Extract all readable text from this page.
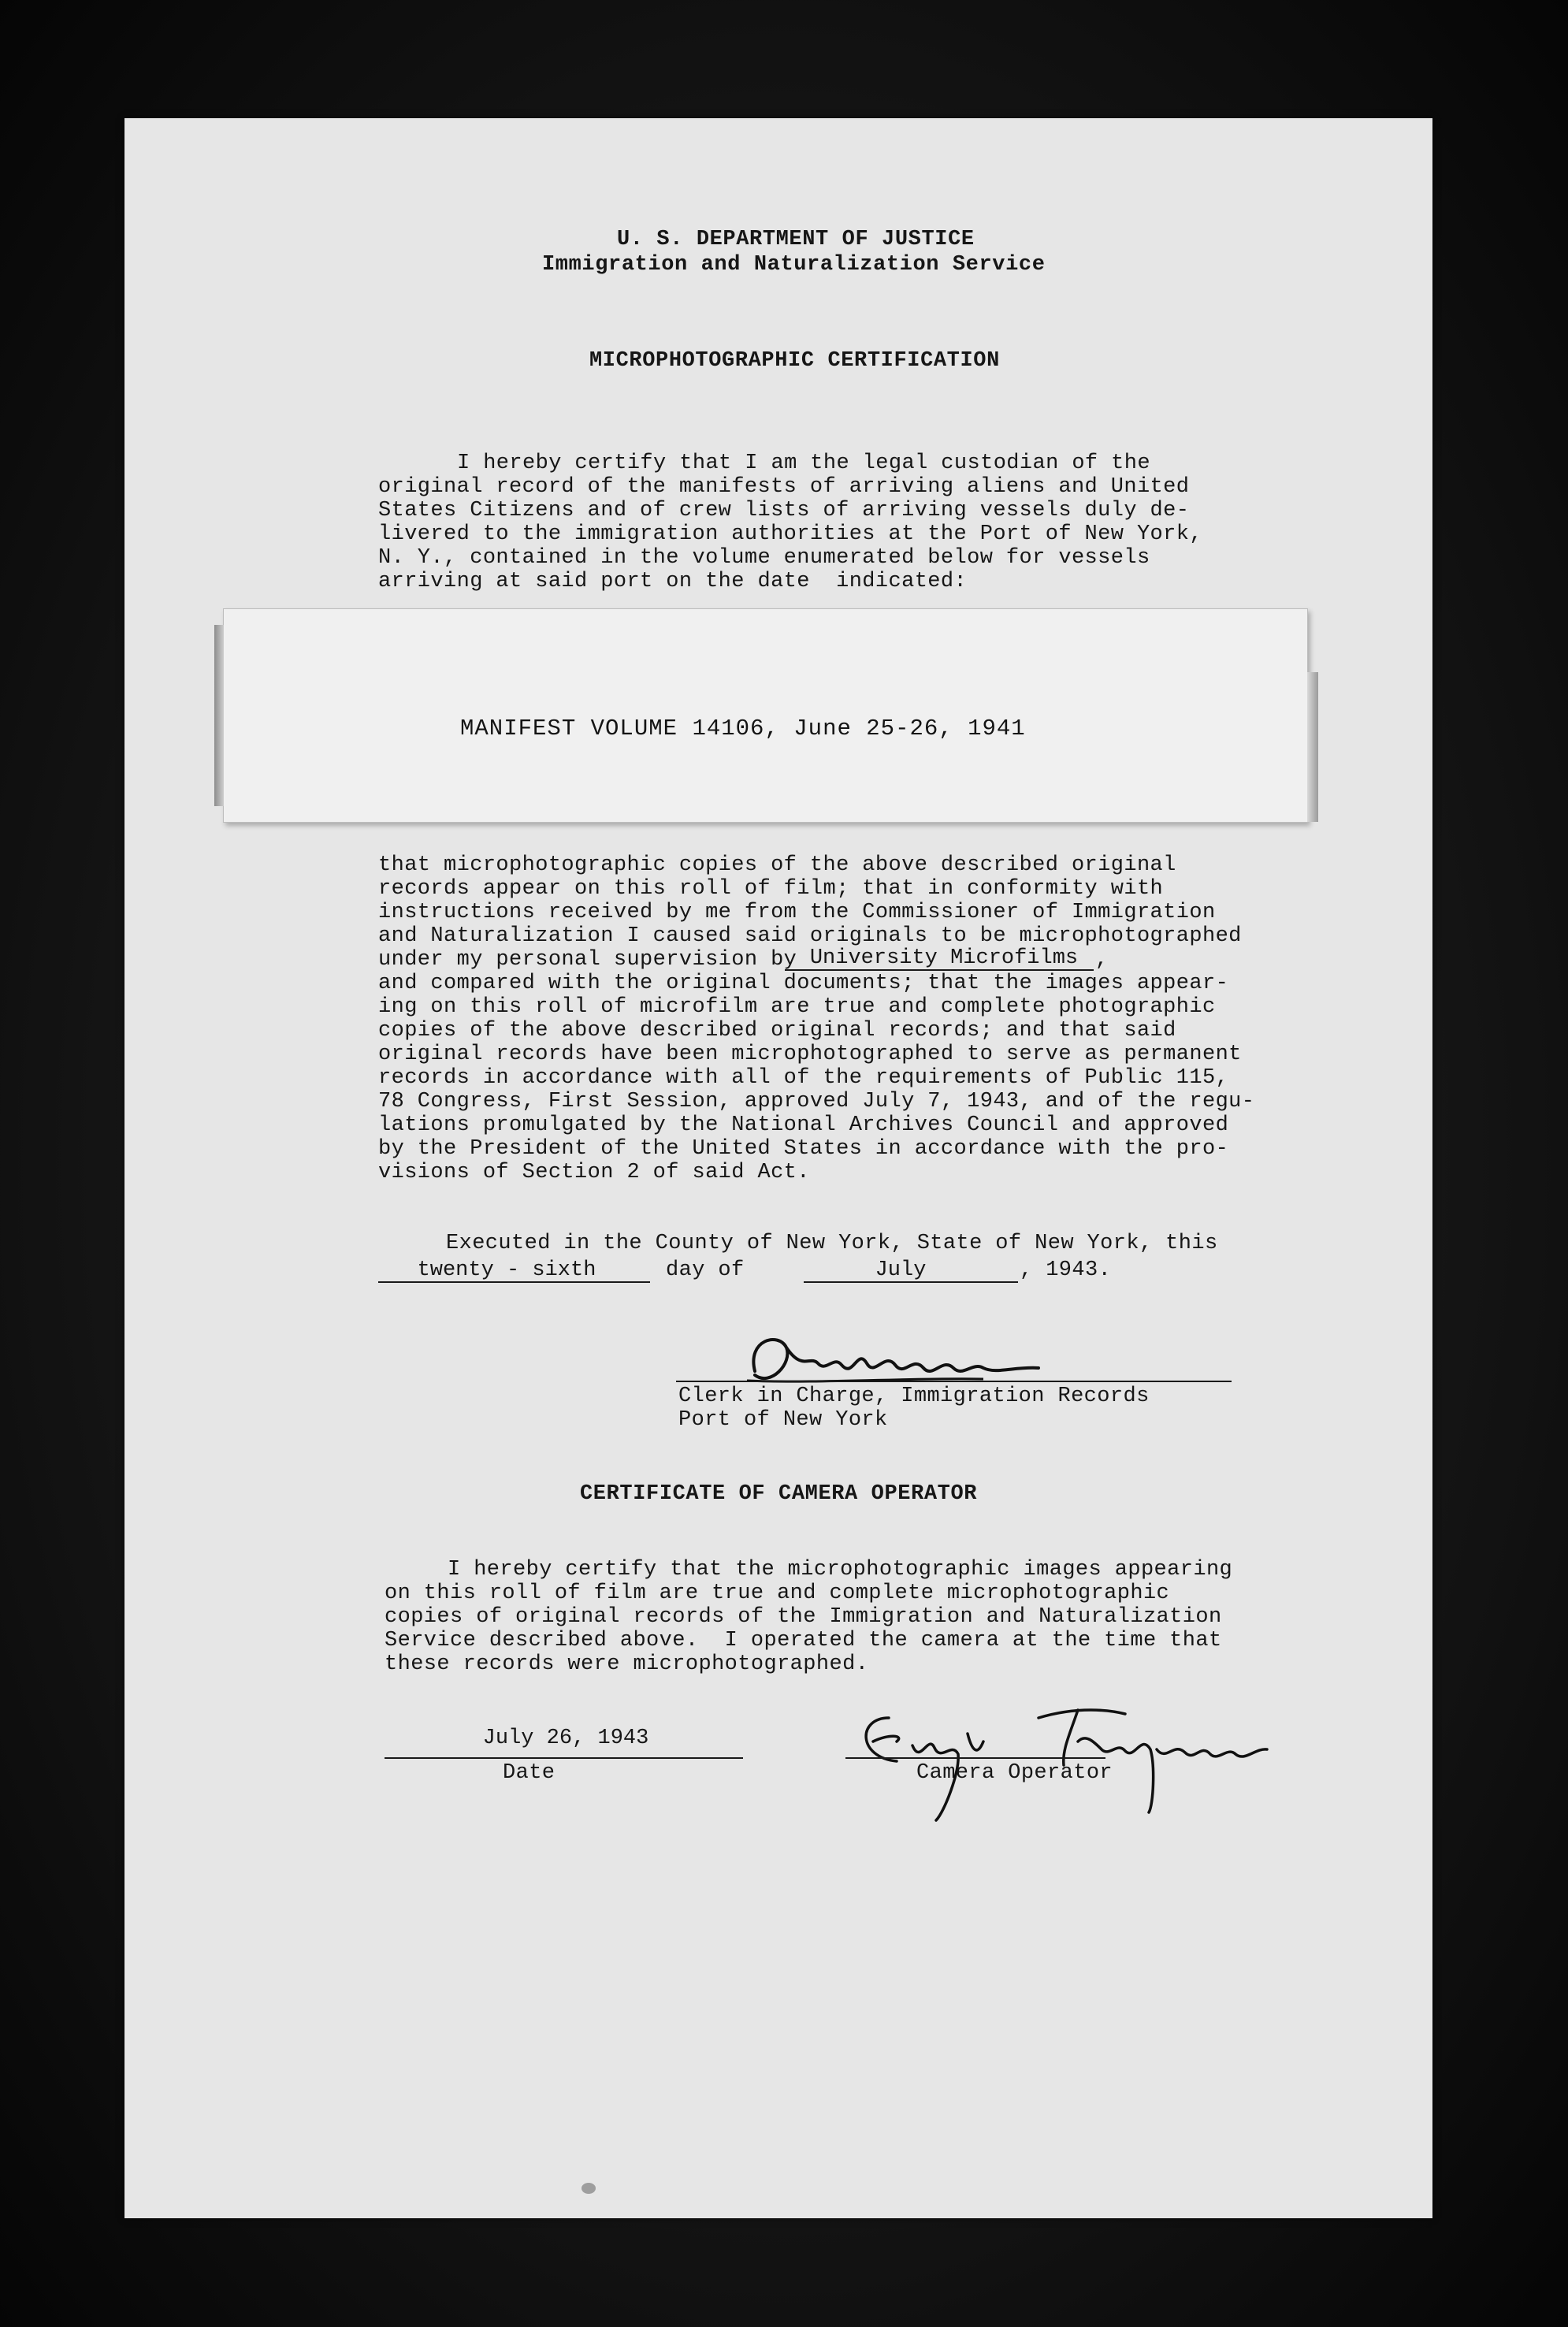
U. S. DEPARTMENT OF JUSTICE
Immigration and Naturalization Service
MICROPHOTOGRAPHIC CERTIFICATION
I hereby certify that I am the legal custodian of the
original record of the manifests of arriving aliens and United
States Citizens and of crew lists of arriving vessels duly de-
livered to the immigration authorities at the Port of New York,
N. Y., contained in the volume enumerated below for vessels
arriving at said port on the date  indicated:
MANIFEST VOLUME 14106, June 25-26, 1941
that microphotographic copies of the above described original
records appear on this roll of film; that in conformity with
instructions received by me from the Commissioner of Immigration
and Naturalization I caused said originals to be microphotographed
under my personal supervision by University Microfilms ,
and compared with the original documents; that the images appear-
ing on this roll of microfilm are true and complete photographic
copies of the above described original records; and that said
original records have been microphotographed to serve as permanent
records in accordance with all of the requirements of Public 115,
78 Congress, First Session, approved July 7, 1943, and of the regu-
lations promulgated by the National Archives Council and approved
by the President of the United States in accordance with the pro-
visions of Section 2 of said Act.
Executed in the County of New York, State of New York, this
twenty - sixth	day of	July	, 1943.
Clerk in Charge, Immigration Records
Port of New York
CERTIFICATE OF CAMERA OPERATOR
I hereby certify that the microphotographic images appearing
on this roll of film are true and complete microphotographic
copies of original records of the Immigration and Naturalization
Service described above.  I operated the camera at the time that
these records were microphotographed.
July 26, 1943
Date	Camera Operator
